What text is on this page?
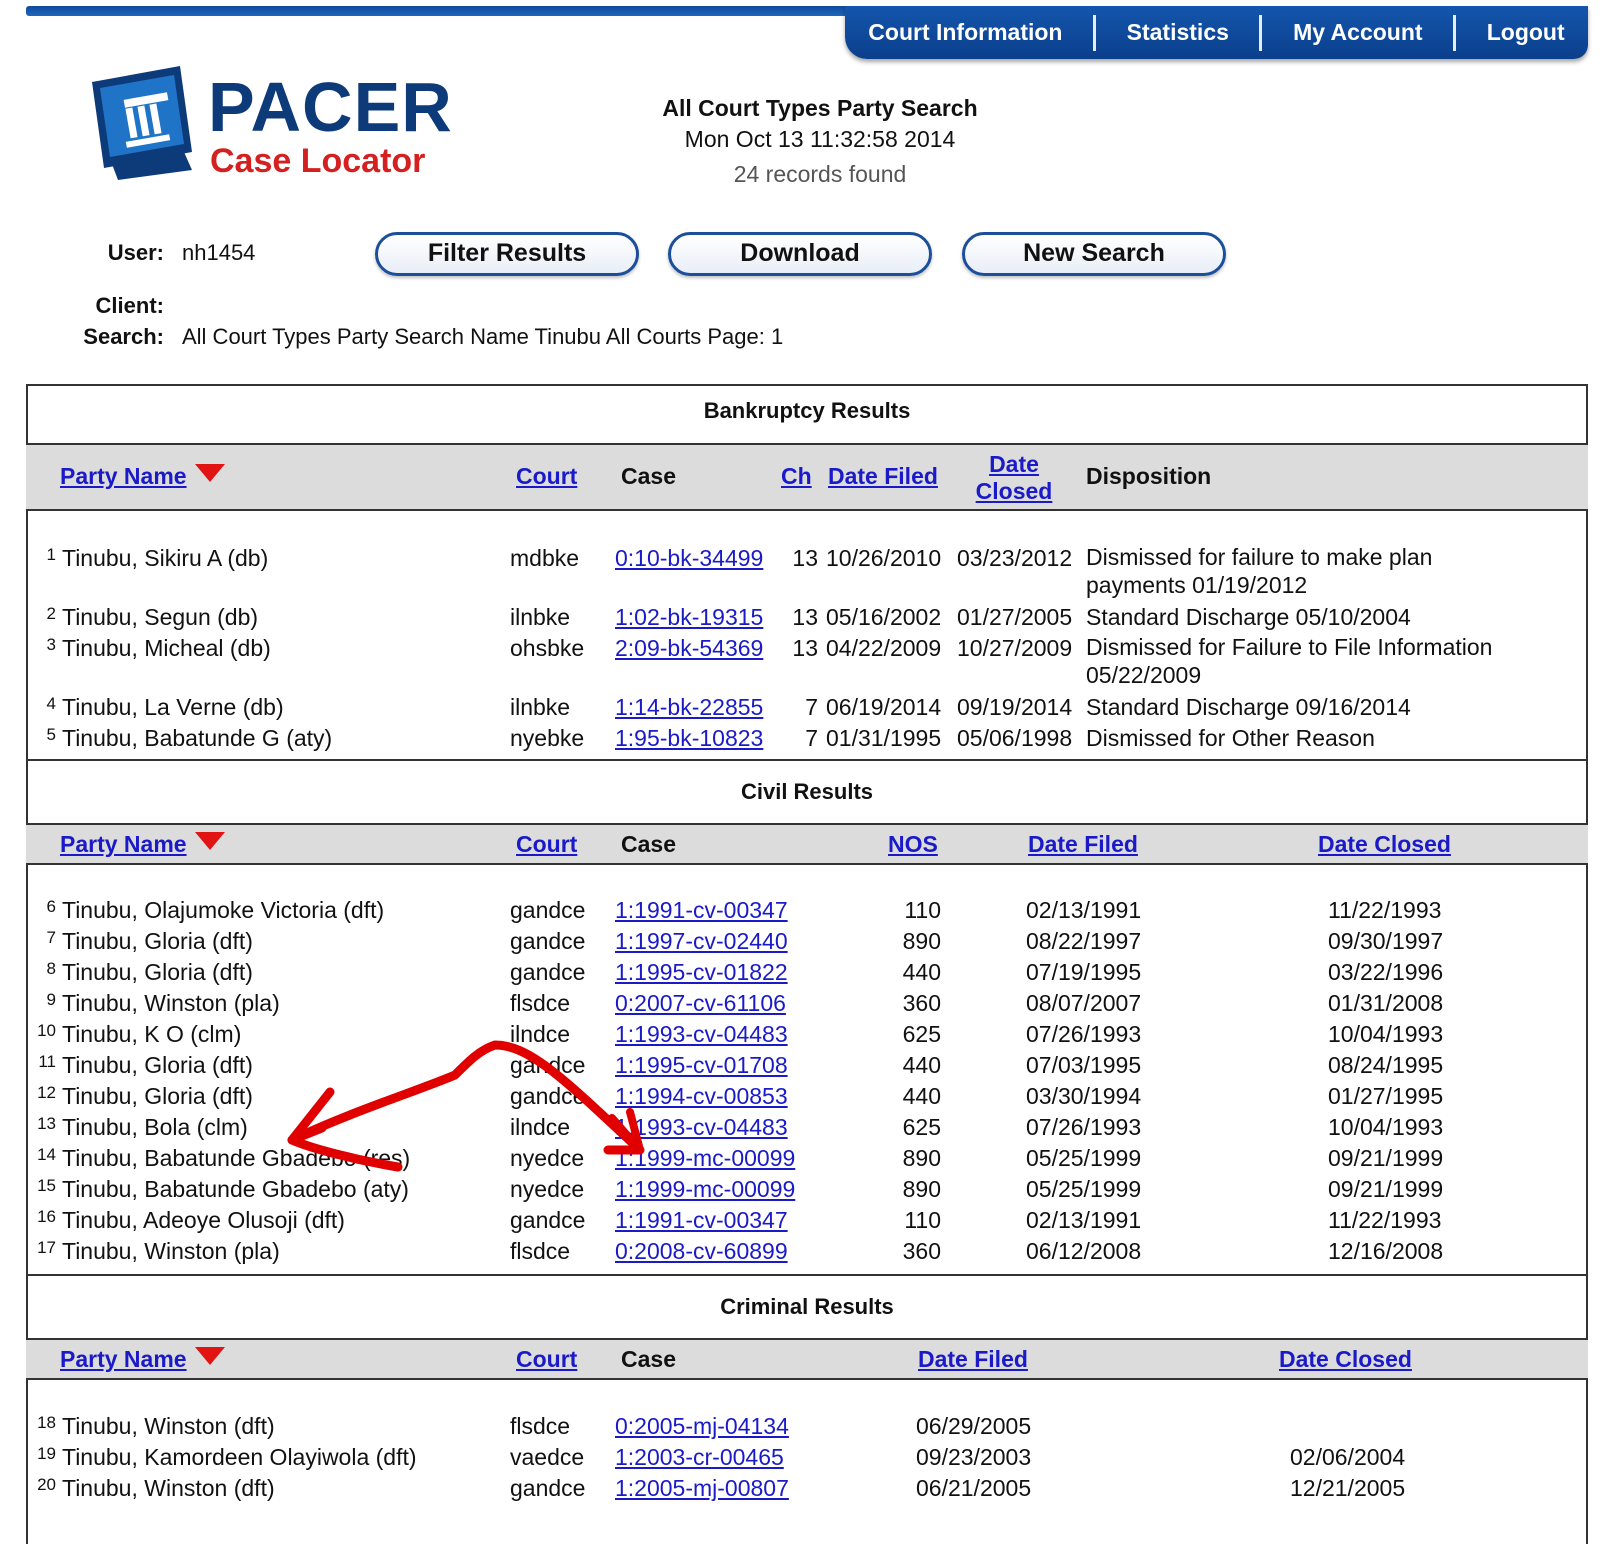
Court Information	Statistics	My Account	Logout
PACER
Case Locator
All Court Types Party Search
Mon Oct 13 11:32:58 2014
24 records found
User: nh1454
Client:
Search: All Court Types Party Search Name Tinubu All Courts Page: 1
Filter Results	Download	New Search
Bankruptcy Results
Party Name	Court Case	Ch Date Filed	Date
Closed
Disposition
1 Tinubu, Sikiru A (db)	mdbke 0:10-bk-34499	13 10/26/2010 03/23/2012 Dismissed for failure to make plan payments 01/19/2012
2 Tinubu, Segun (db)	ilnbke 1:02-bk-19315	13 05/16/2002 01/27/2005 Standard Discharge 05/10/2004
3 Tinubu, Micheal (db)	ohsbke 2:09-bk-54369	13 04/22/2009 10/27/2009 Dismissed for Failure to File Information 05/22/2009
4 Tinubu, La Verne (db)	ilnbke 1:14-bk-22855	7 06/19/2014 09/19/2014 Standard Discharge 09/16/2014
5 Tinubu, Babatunde G (aty)	nyebke 1:95-bk-10823	7 01/31/1995 05/06/1998 Dismissed for Other Reason
Civil Results
Party Name	Court Case	NOS	Date Filed	Date Closed
6 Tinubu, Olajumoke Victoria (dft)	gandce 1:1991-cv-00347	110	02/13/1991	11/22/1993
7 Tinubu, Gloria (dft)	gandce 1:1997-cv-02440	890	08/22/1997	09/30/1997
8 Tinubu, Gloria (dft)	gandce 1:1995-cv-01822	440	07/19/1995	03/22/1996
9 Tinubu, Winston (pla)	flsdce 0:2007-cv-61106	360	08/07/2007	01/31/2008
10 Tinubu, K O (clm)	ilndce 1:1993-cv-04483	625	07/26/1993	10/04/1993
11 Tinubu, Gloria (dft)	gandce 1:1995-cv-01708	440	07/03/1995	08/24/1995
12 Tinubu, Gloria (dft)	gandce 1:1994-cv-00853	440	03/30/1994	01/27/1995
13 Tinubu, Bola (clm)	ilndce 1:1993-cv-04483	625	07/26/1993	10/04/1993
14 Tinubu, Babatunde Gbadebo (res)	nyedce 1:1999-mc-00099	890	05/25/1999	09/21/1999
15 Tinubu, Babatunde Gbadebo (aty)	nyedce 1:1999-mc-00099	890	05/25/1999	09/21/1999
16 Tinubu, Adeoye Olusoji (dft)	gandce 1:1991-cv-00347	110	02/13/1991	11/22/1993
17 Tinubu, Winston (pla)	flsdce 0:2008-cv-60899	360	06/12/2008	12/16/2008
Criminal Results
Party Name	Court Case	Date Filed	Date Closed
18 Tinubu, Winston (dft)	flsdce 0:2005-mj-04134	06/29/2005
19 Tinubu, Kamordeen Olayiwola (dft)	vaedce 1:2003-cr-00465	09/23/2003	02/06/2004
20 Tinubu, Winston (dft)	gandce 1:2005-mj-00807	06/21/2005	12/21/2005
